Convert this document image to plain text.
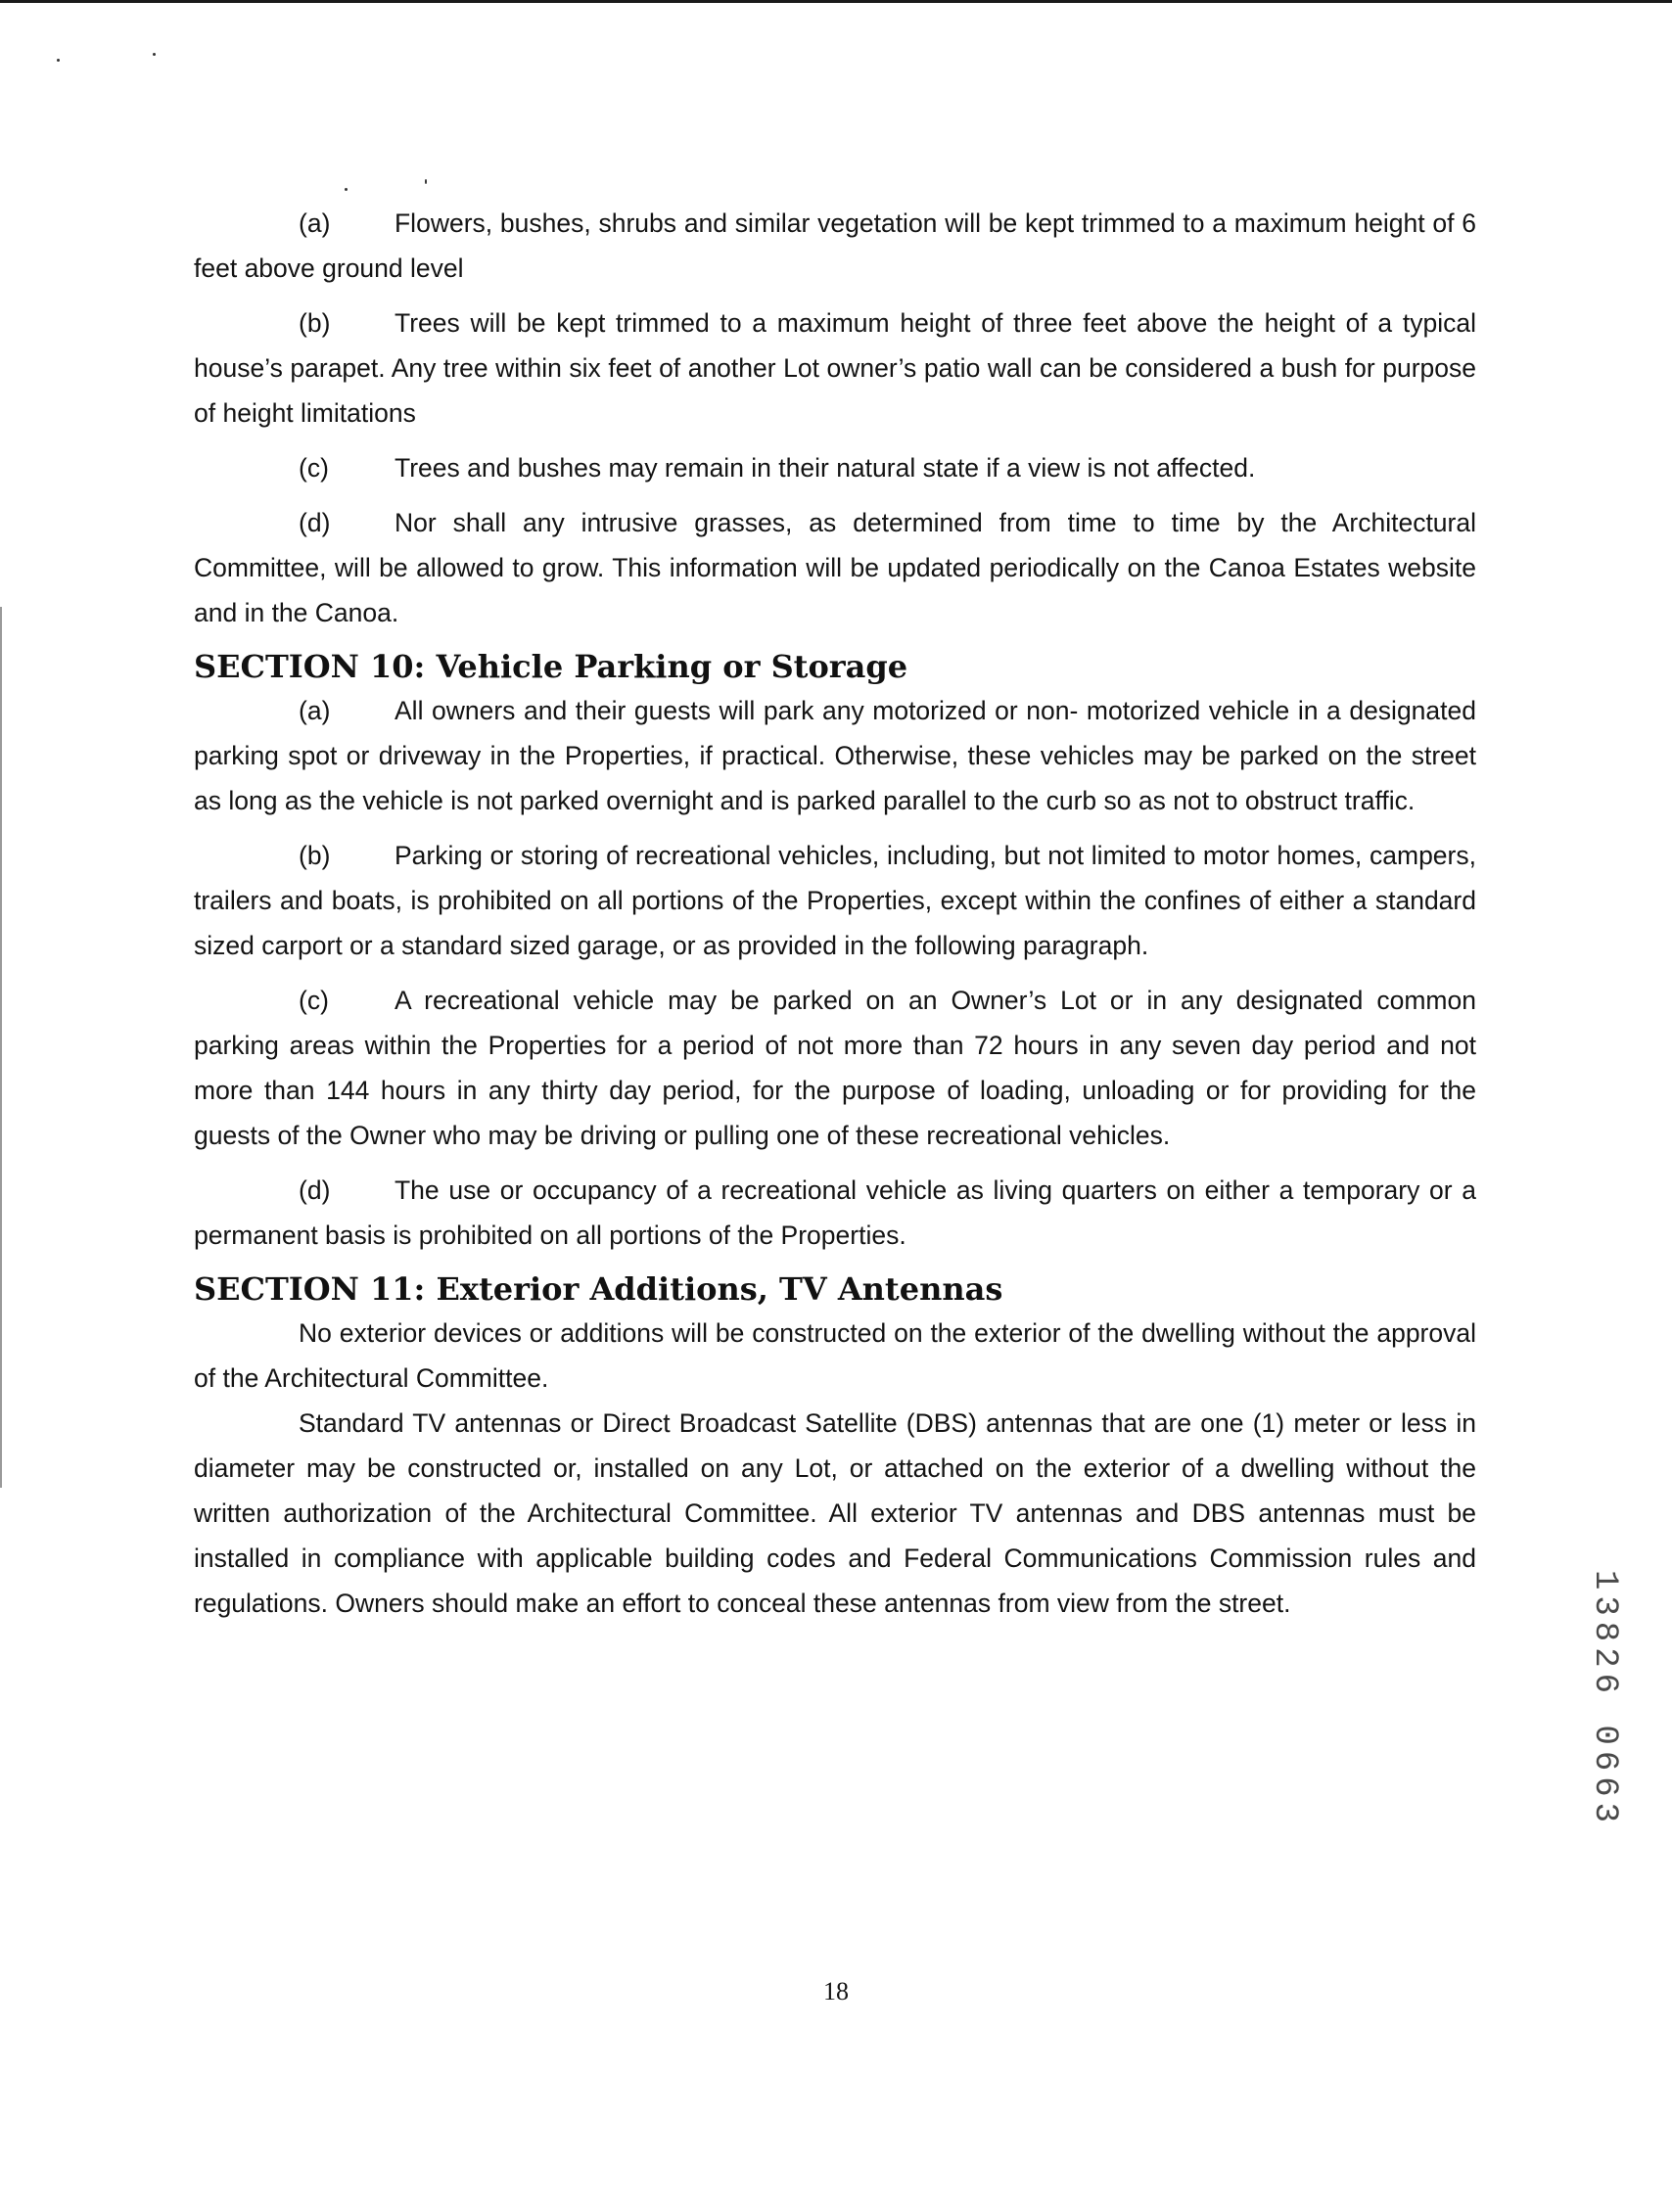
(a) Flowers, bushes, shrubs and similar vegetation will be kept trimmed to a maximum height of 6 feet above ground level

(b) Trees will be kept trimmed to a maximum height of three feet above the height of a typical house’s parapet. Any tree within six feet of another Lot owner’s patio wall can be considered a bush for purpose of height limitations

(c)	Trees and bushes may remain in their natural state if a view is not affected.

(d) Nor shall any intrusive grasses, as determined from time to time by the Architectural Committee, will be allowed to grow. This information will be updated periodically on the Canoa Estates website and in the Canoa.

SECTION 10: Vehicle Parking or Storage

(a) All owners and their guests will park any motorized or non- motorized vehicle in a designated parking spot or driveway in the Properties, if practical. Otherwise, these vehicles may be parked on the street as long as the vehicle is not parked overnight and is parked parallel to the curb so as not to obstruct traffic.

(b) Parking or storing of recreational vehicles, including, but not limited to motor homes, campers, trailers and boats, is prohibited on all portions of the Properties, except within the confines of either a standard sized carport or a standard sized garage, or as provided in the following paragraph.

(c)	A recreational vehicle may be parked on an Owner’s Lot or in any designated common parking areas within the Properties for a period of not more than 72 hours in any seven day period and not more than 144 hours in any thirty day period, for the purpose of loading, unloading or for providing for the guests of the Owner who may be driving or pulling one of these recreational vehicles.

(d) The use or occupancy of a recreational vehicle as living quarters on either a temporary or a permanent basis is prohibited on all portions of the Properties.

SECTION 11: Exterior Additions, TV Antennas

No exterior devices or additions will be constructed on the exterior of the dwelling without the approval of the Architectural Committee.

Standard TV antennas or Direct Broadcast Satellite (DBS) antennas that are one (1) meter or less in diameter may be constructed or, installed on any Lot, or attached on the exterior of a dwelling without the written authorization of the Architectural Committee. All exterior TV antennas and DBS antennas must be installed in compliance with applicable building codes and Federal Communications Commission rules and regulations. Owners should make an effort to conceal these antennas from view from the street.

18
13826 0663
